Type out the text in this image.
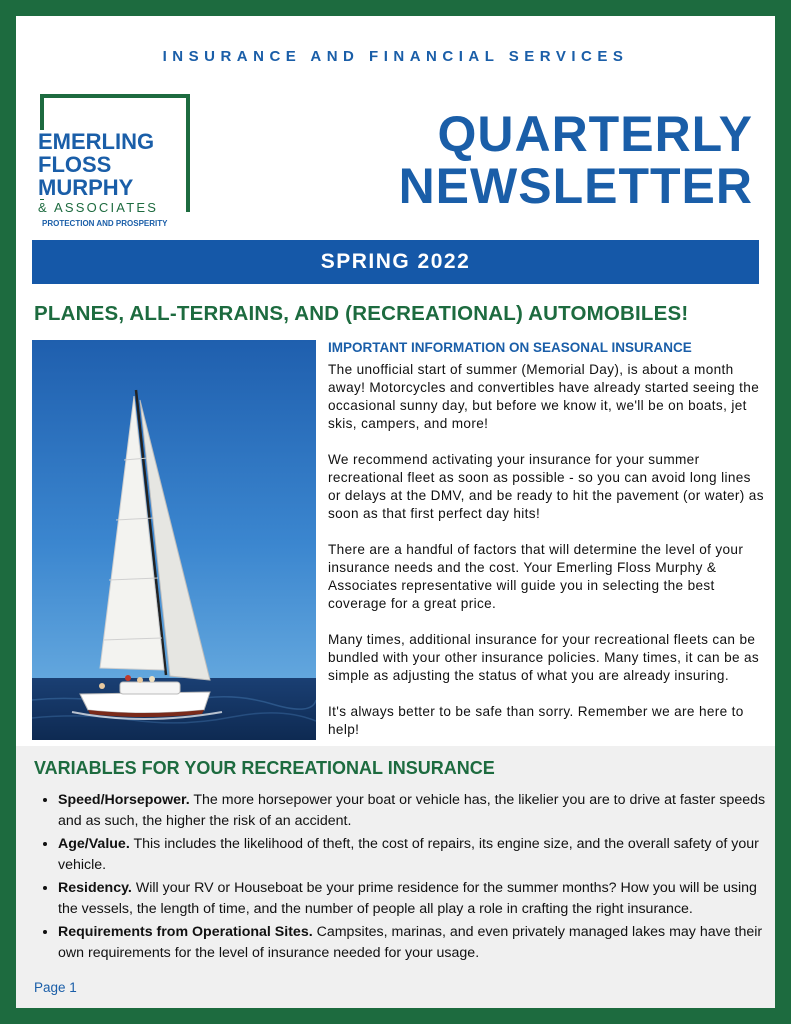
INSURANCE AND FINANCIAL SERVICES
EMERLING
FLOSS
MURPHY
& ASSOCIATES
PROTECTION AND PROSPERITY
QUARTERLY
NEWSLETTER
SPRING 2022
PLANES, ALL-TERRAINS, AND (RECREATIONAL) AUTOMOBILES!
IMPORTANT INFORMATION ON SEASONAL INSURANCE

The unofficial start of summer (Memorial Day), is about a month away! Motorcycles and convertibles have already started seeing the occasional sunny day, but before we know it, we'll be on boats, jet skis, campers, and more!

We recommend activating your insurance for your summer recreational fleet as soon as possible - so you can avoid long lines or delays at the DMV, and be ready to hit the pavement (or water) as soon as that first perfect day hits!

There are a handful of factors that will determine the level of your insurance needs and the cost. Your Emerling Floss Murphy & Associates representative will guide you in selecting the best coverage for a great price.

Many times, additional insurance for your recreational fleets can be bundled with your other insurance policies. Many times, it can be as simple as adjusting the status of what you are already insuring.

It's always better to be safe than sorry. Remember we are here to help!

VARIABLES FOR YOUR RECREATIONAL INSURANCE
• Speed/Horsepower. The more horsepower your boat or vehicle has, the likelier you are to drive at faster speeds and as such, the higher the risk of an accident.
• Age/Value. This includes the likelihood of theft, the cost of repairs, its engine size, and the overall safety of your vehicle.
• Residency. Will your RV or Houseboat be your prime residence for the summer months? How you will be using the vessels, the length of time, and the number of people all play a role in crafting the right insurance.
• Requirements from Operational Sites. Campsites, marinas, and even privately managed lakes may have their own requirements for the level of insurance needed for your usage.
Page 1
